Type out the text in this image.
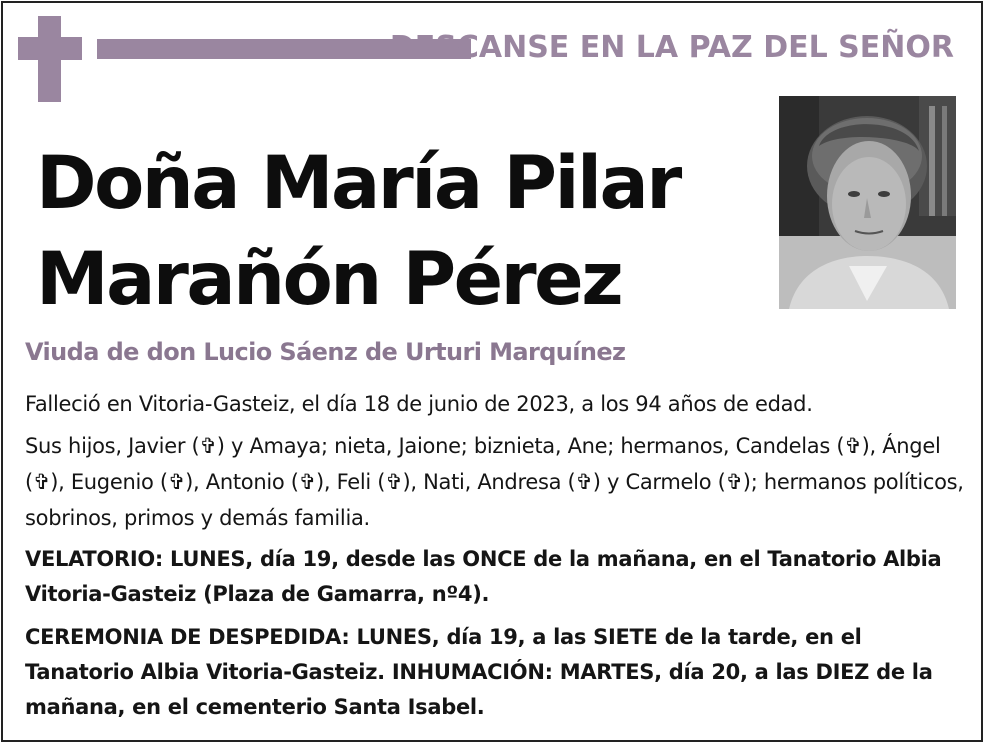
DESCANSE EN LA PAZ DEL SEÑOR
Doña María Pilar
Marañón Pérez
Viuda de don Lucio Sáenz de Urturi Marquínez
Falleció en Vitoria-Gasteiz, el día 18 de junio de 2023, a los 94 años de edad.
Sus hijos, Javier (✞) y Amaya; nieta, Jaione; biznieta, Ane; hermanos, Candelas (✞), Ángel (✞), Eugenio (✞), Antonio (✞), Feli (✞), Nati, Andresa (✞) y Carmelo (✞); hermanos políticos, sobrinos, primos y demás familia.
VELATORIO: LUNES, día 19, desde las ONCE de la mañana, en el Tanatorio Albia Vitoria-Gasteiz (Plaza de Gamarra, nº4).
CEREMONIA DE DESPEDIDA: LUNES, día 19, a las SIETE de la tarde, en el Tanatorio Albia Vitoria-Gasteiz. INHUMACIÓN: MARTES, día 20, a las DIEZ de la mañana, en el cementerio Santa Isabel.
